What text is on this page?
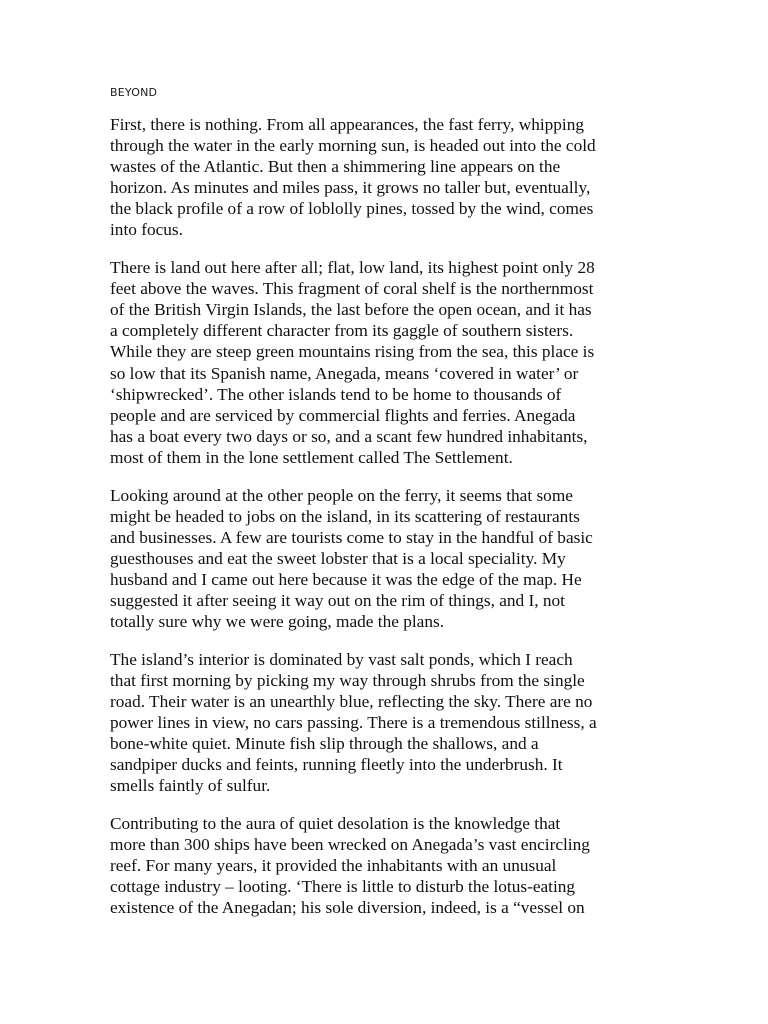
BEYOND

First, there is nothing. From all appearances, the fast ferry, whipping
through the water in the early morning sun, is headed out into the cold
wastes of the Atlantic. But then a shimmering line appears on the
horizon. As minutes and miles pass, it grows no taller but, eventually,
the black profile of a row of loblolly pines, tossed by the wind, comes
into focus.

There is land out here after all; flat, low land, its highest point only 28
feet above the waves. This fragment of coral shelf is the northernmost
of the British Virgin Islands, the last before the open ocean, and it has
a completely different character from its gaggle of southern sisters.
While they are steep green mountains rising from the sea, this place is
so low that its Spanish name, Anegada, means ‘covered in water’ or
‘shipwrecked’. The other islands tend to be home to thousands of
people and are serviced by commercial flights and ferries. Anegada
has a boat every two days or so, and a scant few hundred inhabitants,
most of them in the lone settlement called The Settlement.

Looking around at the other people on the ferry, it seems that some
might be headed to jobs on the island, in its scattering of restaurants
and businesses. A few are tourists come to stay in the handful of basic
guesthouses and eat the sweet lobster that is a local speciality. My
husband and I came out here because it was the edge of the map. He
suggested it after seeing it way out on the rim of things, and I, not
totally sure why we were going, made the plans.

The island’s interior is dominated by vast salt ponds, which I reach
that first morning by picking my way through shrubs from the single
road. Their water is an unearthly blue, reflecting the sky. There are no
power lines in view, no cars passing. There is a tremendous stillness, a
bone-white quiet. Minute fish slip through the shallows, and a
sandpiper ducks and feints, running fleetly into the underbrush. It
smells faintly of sulfur.

Contributing to the aura of quiet desolation is the knowledge that
more than 300 ships have been wrecked on Anegada’s vast encircling
reef. For many years, it provided the inhabitants with an unusual
cottage industry – looting. ‘There is little to disturb the lotus-eating
existence of the Anegadan; his sole diversion, indeed, is a “vessel on
